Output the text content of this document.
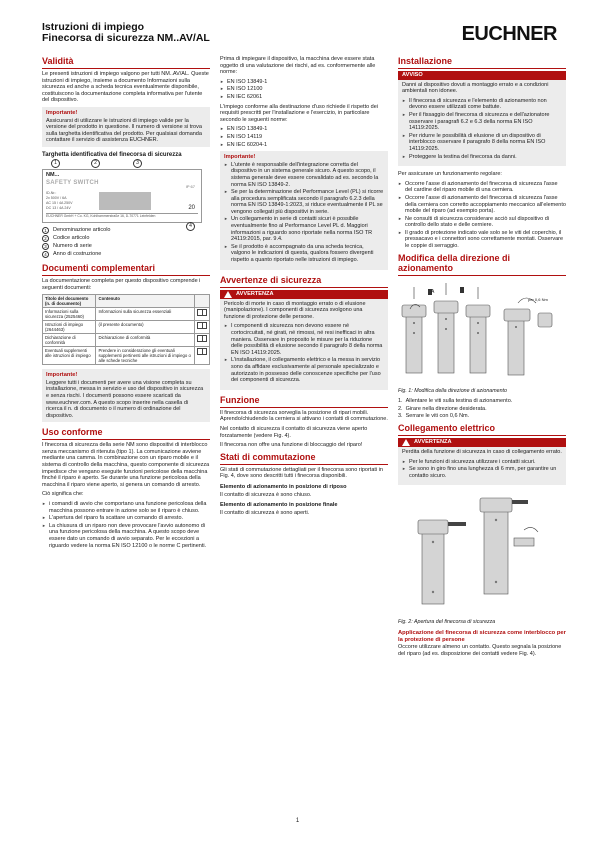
Istruzioni di impiego
Finecorsa di sicurezza NM..AV/AL	EUCHNER
Validità

Le presenti istruzioni di impiego valgono per tutti NM..AV/AL. Queste istruzioni di impiego, insieme a documento Informazioni sulla sicurezza ed anche a scheda tecnica eventualmente disponibile, costituiscono la documentazione completa informativa per l'utente del dispositivo.

Importante!
Assicurarsi di utilizzare le istruzioni di impiego valide per la versione del prodotto in questione. Il numero di versione si trova sulla targhetta identificativa del prodotto. Per qualsiasi domanda contattare il servizio di assistenza EUCHNER.
Targhetta identificativa del finecorsa di sicurezza
1	2	3
4
NM...
SAFETY SWITCH
ID-Nr.:
2x 500V / 6A
AC 15 / 4A 250V
DC 13 / 4A 24V
IP 67
20
EUCHNER GmbH + Co. KG, Kohlhammerstraße 16, D-70771 Leinfelden
1	Denominazione articolo
2	Codice articolo
3	Numero di serie
4	Anno di costruzione
Documenti complementari

La documentazione completa per questo dispositivo comprende i seguenti documenti:

Titolo del documento (n. di documento)	Contenuto	
Informazioni sulla sicurezza (2525460)	Informazioni sulla sicurezza essenziali	
Istruzioni di impiego (2644463)	(il presente documento)	
Dichiarazione di conformità	Dichiarazione di conformità	
Eventuali supplementi alle istruzioni di impiego	Prendere in considerazione gli eventuali supplementi pertinenti alle istruzioni di impiego o alle schede tecniche	
Importante!
Leggere tutti i documenti per avere una visione completa su installazione, messa in servizio e uso del dispositivo in sicurezza e senza rischi. I documenti possono essere scaricati da www.euchner.com. A questo scopo inserire nella casella di ricerca il n. di documento o il numero di ordinazione del dispositivo.
Uso conforme

I finecorsa di sicurezza della serie NM sono dispositivi di interblocco senza meccanismo di ritenuta (tipo 1). La comunicazione avviene mediante una camma. In combinazione con un riparo mobile e il sistema di controllo della macchina, questo componente di sicurezza impedisce che vengano eseguite funzioni pericolose della macchina finché il riparo è aperto. Se durante una funzione pericolosa della macchina il riparo viene aperto, si genera un comando di arresto.

Ciò significa che:

► i comandi di avvio che comportano una funzione pericolosa della macchina possono entrare in azione solo se il riparo è chiuso.
► L'apertura del riparo fa scattare un comando di arresto.
► La chiusura di un riparo non deve provocare l'avvio autonomo di una funzione pericolosa della macchina. A questo scopo deve essere dato un comando di avvio separato. Per le eccezioni a riguardo vedere la norma EN ISO 12100 o le norme C pertinenti.

Prima di impiegare il dispositivo, la macchina deve essere stata oggetto di una valutazione dei rischi, ad es. conformemente alle norme:

► EN ISO 13849-1
► EN ISO 12100
► EN IEC 62061

L'impiego conforme alla destinazione d'uso richiede il rispetto dei requisiti prescritti per l'installazione e l'esercizio, in particolare secondo le seguenti norme:

► EN ISO 13849-1
► EN ISO 14119
► EN IEC 60204-1
Importante!
► L'utente è responsabile dell'integrazione corretta del dispositivo in un sistema generale sicuro. A questo scopo, il sistema generale deve essere convalidato ad es. secondo la norma EN ISO 13849-2.
► Se per la determinazione del Performance Level (PL) si ricorre alla procedura semplificata secondo il paragrafo 6.2.3 della norma EN ISO 13849-1:2023, si riduce eventualmente il PL se vengono collegati più dispositivi in serie.
► Un collegamento in serie di contatti sicuri è possibile eventualmente fino al Performance Level PL d. Maggiori informazioni a riguardo sono riportate nella norma ISO TR 24119:2015, par. 9.4.
► Se il prodotto è accompagnato da una scheda tecnica, valgono le indicazioni di questa, qualora fossero divergenti rispetto a quanto riportato nelle istruzioni di impiego.
Avvertenze di sicurezza
AVVERTENZA

Pericolo di morte in caso di montaggio errato o di elusione (manipolazione). I componenti di sicurezza svolgono una funzione di protezione delle persone.

► I componenti di sicurezza non devono essere né cortocircuitati, né girati, né rimossi, né resi inefficaci in altra maniera. Osservare in proposito le misure per la riduzione delle possibilità di elusione secondo il paragrafo 8 della norma EN ISO 14119:2025.
► L'installazione, il collegamento elettrico e la messa in servizio sono da affidare esclusivamente al personale specializzato e autorizzato in possesso delle conoscenze specifiche per l'uso dei componenti di sicurezza.
Funzione

Il finecorsa di sicurezza sorveglia la posizione di ripari mobili. Aprendo/chiudendo la cerniera si attivano i contatti di commutazione.

Nel contatto di sicurezza il contatto di sicurezza viene aperto forzatamente (vedere Fig. 4).

Il finecorsa non offre una funzione di bloccaggio del riparo!

Stati di commutazione

Gli stati di commutazione dettagliati per il finecorsa sono riportati in Fig. 4, dove sono descritti tutti i finecorsa disponibili.

Elemento di azionamento in posizione di riposo

Il contatto di sicurezza è sono chiuso.

Elemento di azionamento in posizione finale

Il contatto di sicurezza è sono aperti.

Installazione
AVVISO

Danni al dispositivo dovuti a montaggio errato e a condizioni ambientali non idonee.

► Il finecorsa di sicurezza e l'elemento di azionamento non devono essere utilizzati come battute.
► Per il fissaggio del finecorsa di sicurezza e dell'azionatore osservare i paragrafi 6.2 e 6.3 della norma EN ISO 14119:2025.
► Per ridurre le possibilità di elusione di un dispositivo di interblocco osservare il paragrafo 8 della norma EN ISO 14119:2025.
► Proteggere la testina del finecorsa da danni.

Per assicurare un funzionamento regolare:

► Occorre l'asse di azionamento del finecorsa di sicurezza l'asse del cardine del riparo mobile di una cerniera.
► Occorre l'asse di azionamento del finecorsa di sicurezza l'asse della cerniera con corretto accoppiamento meccanico all'elemento mobile del riparo (ad esempio porta).
► Ne consulti di sicurezza considerare acciò sul dispositivo di controllo dello stato e delle cerniere.
► Il grado di protezione indicato vale solo se le viti del coperchio, il pressacavo e i connettori sono correttamente montati. Osservare le coppie di serraggio.
Modifica della direzione di azionamento
A
per 0,6 Nm
Fig. 1: Modifica della direzione di azionamento
1. Allentare le viti sulla testina di azionamento.
2. Girare nella direzione desiderata.
3. Serrare le viti con 0,6 Nm.
Collegamento elettrico
AVVERTENZA

Perdita della funzione di sicurezza in caso di collegamento errato.

► Per le funzioni di sicurezza utilizzare i contatti sicuri.
► Se sono in giro fino una lunghezza di 6 mm, per garantire un contatto sicuro.
Fig. 2: Apertura del finecorsa di sicurezza
Applicazione del finecorsa di sicurezza come interblocco per la protezione di persone

Occorre utilizzare almeno un contatto. Questo segnala la posizione del riparo (ad es. disposizione dei contatti vedere Fig. 4).

1
